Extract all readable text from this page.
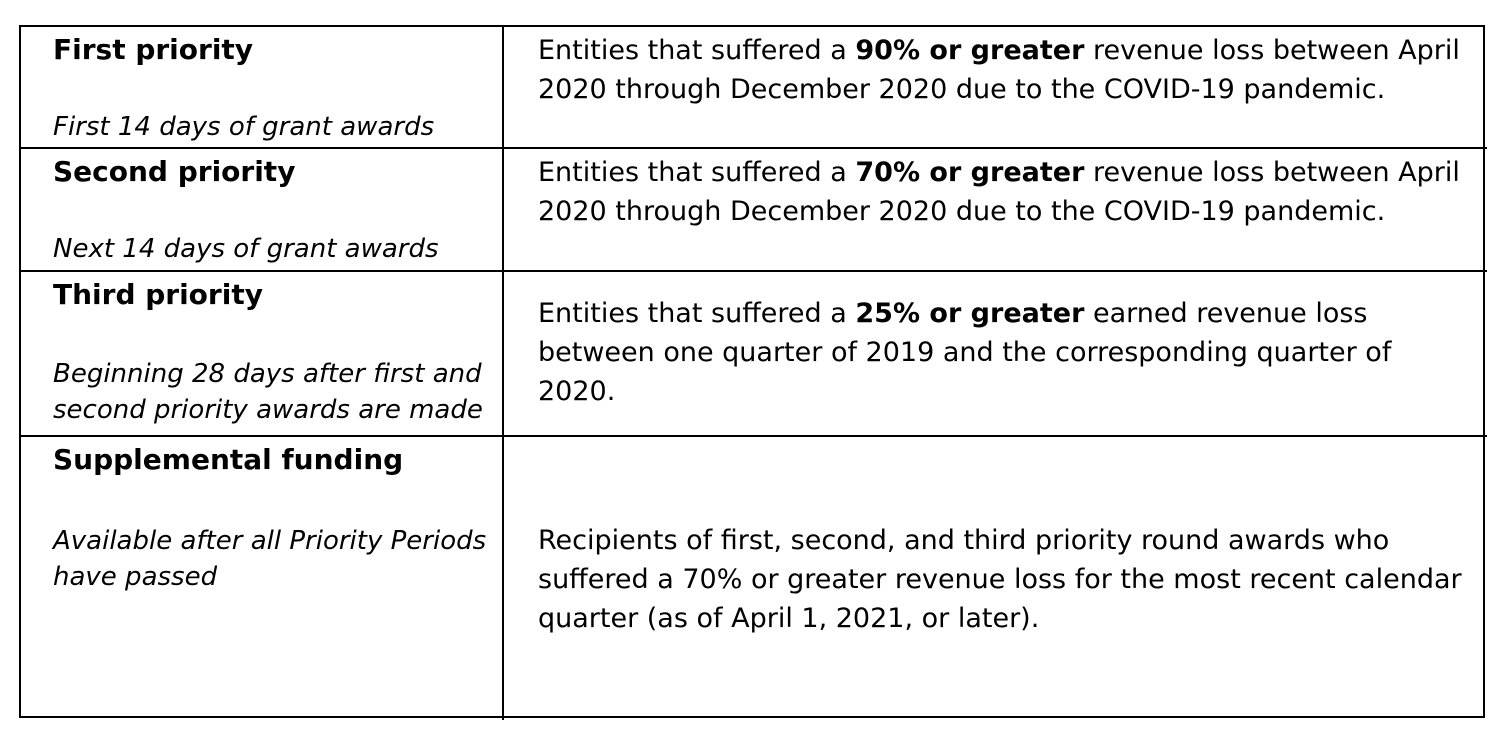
First priority
First 14 days of grant awards
Entities that suffered a 90% or greater revenue loss between April 2020 through December 2020 due to the COVID-19 pandemic.
Second priority
Next 14 days of grant awards
Entities that suffered a 70% or greater revenue loss between April 2020 through December 2020 due to the COVID-19 pandemic.
Third priority
Beginning 28 days after first and second priority awards are made
Entities that suffered a 25% or greater earned revenue loss between one quarter of 2019 and the corresponding quarter of 2020.
Supplemental funding
Available after all Priority Periods have passed
Recipients of first, second, and third priority round awards who suffered a 70% or greater revenue loss for the most recent calendar quarter (as of April 1, 2021, or later).
